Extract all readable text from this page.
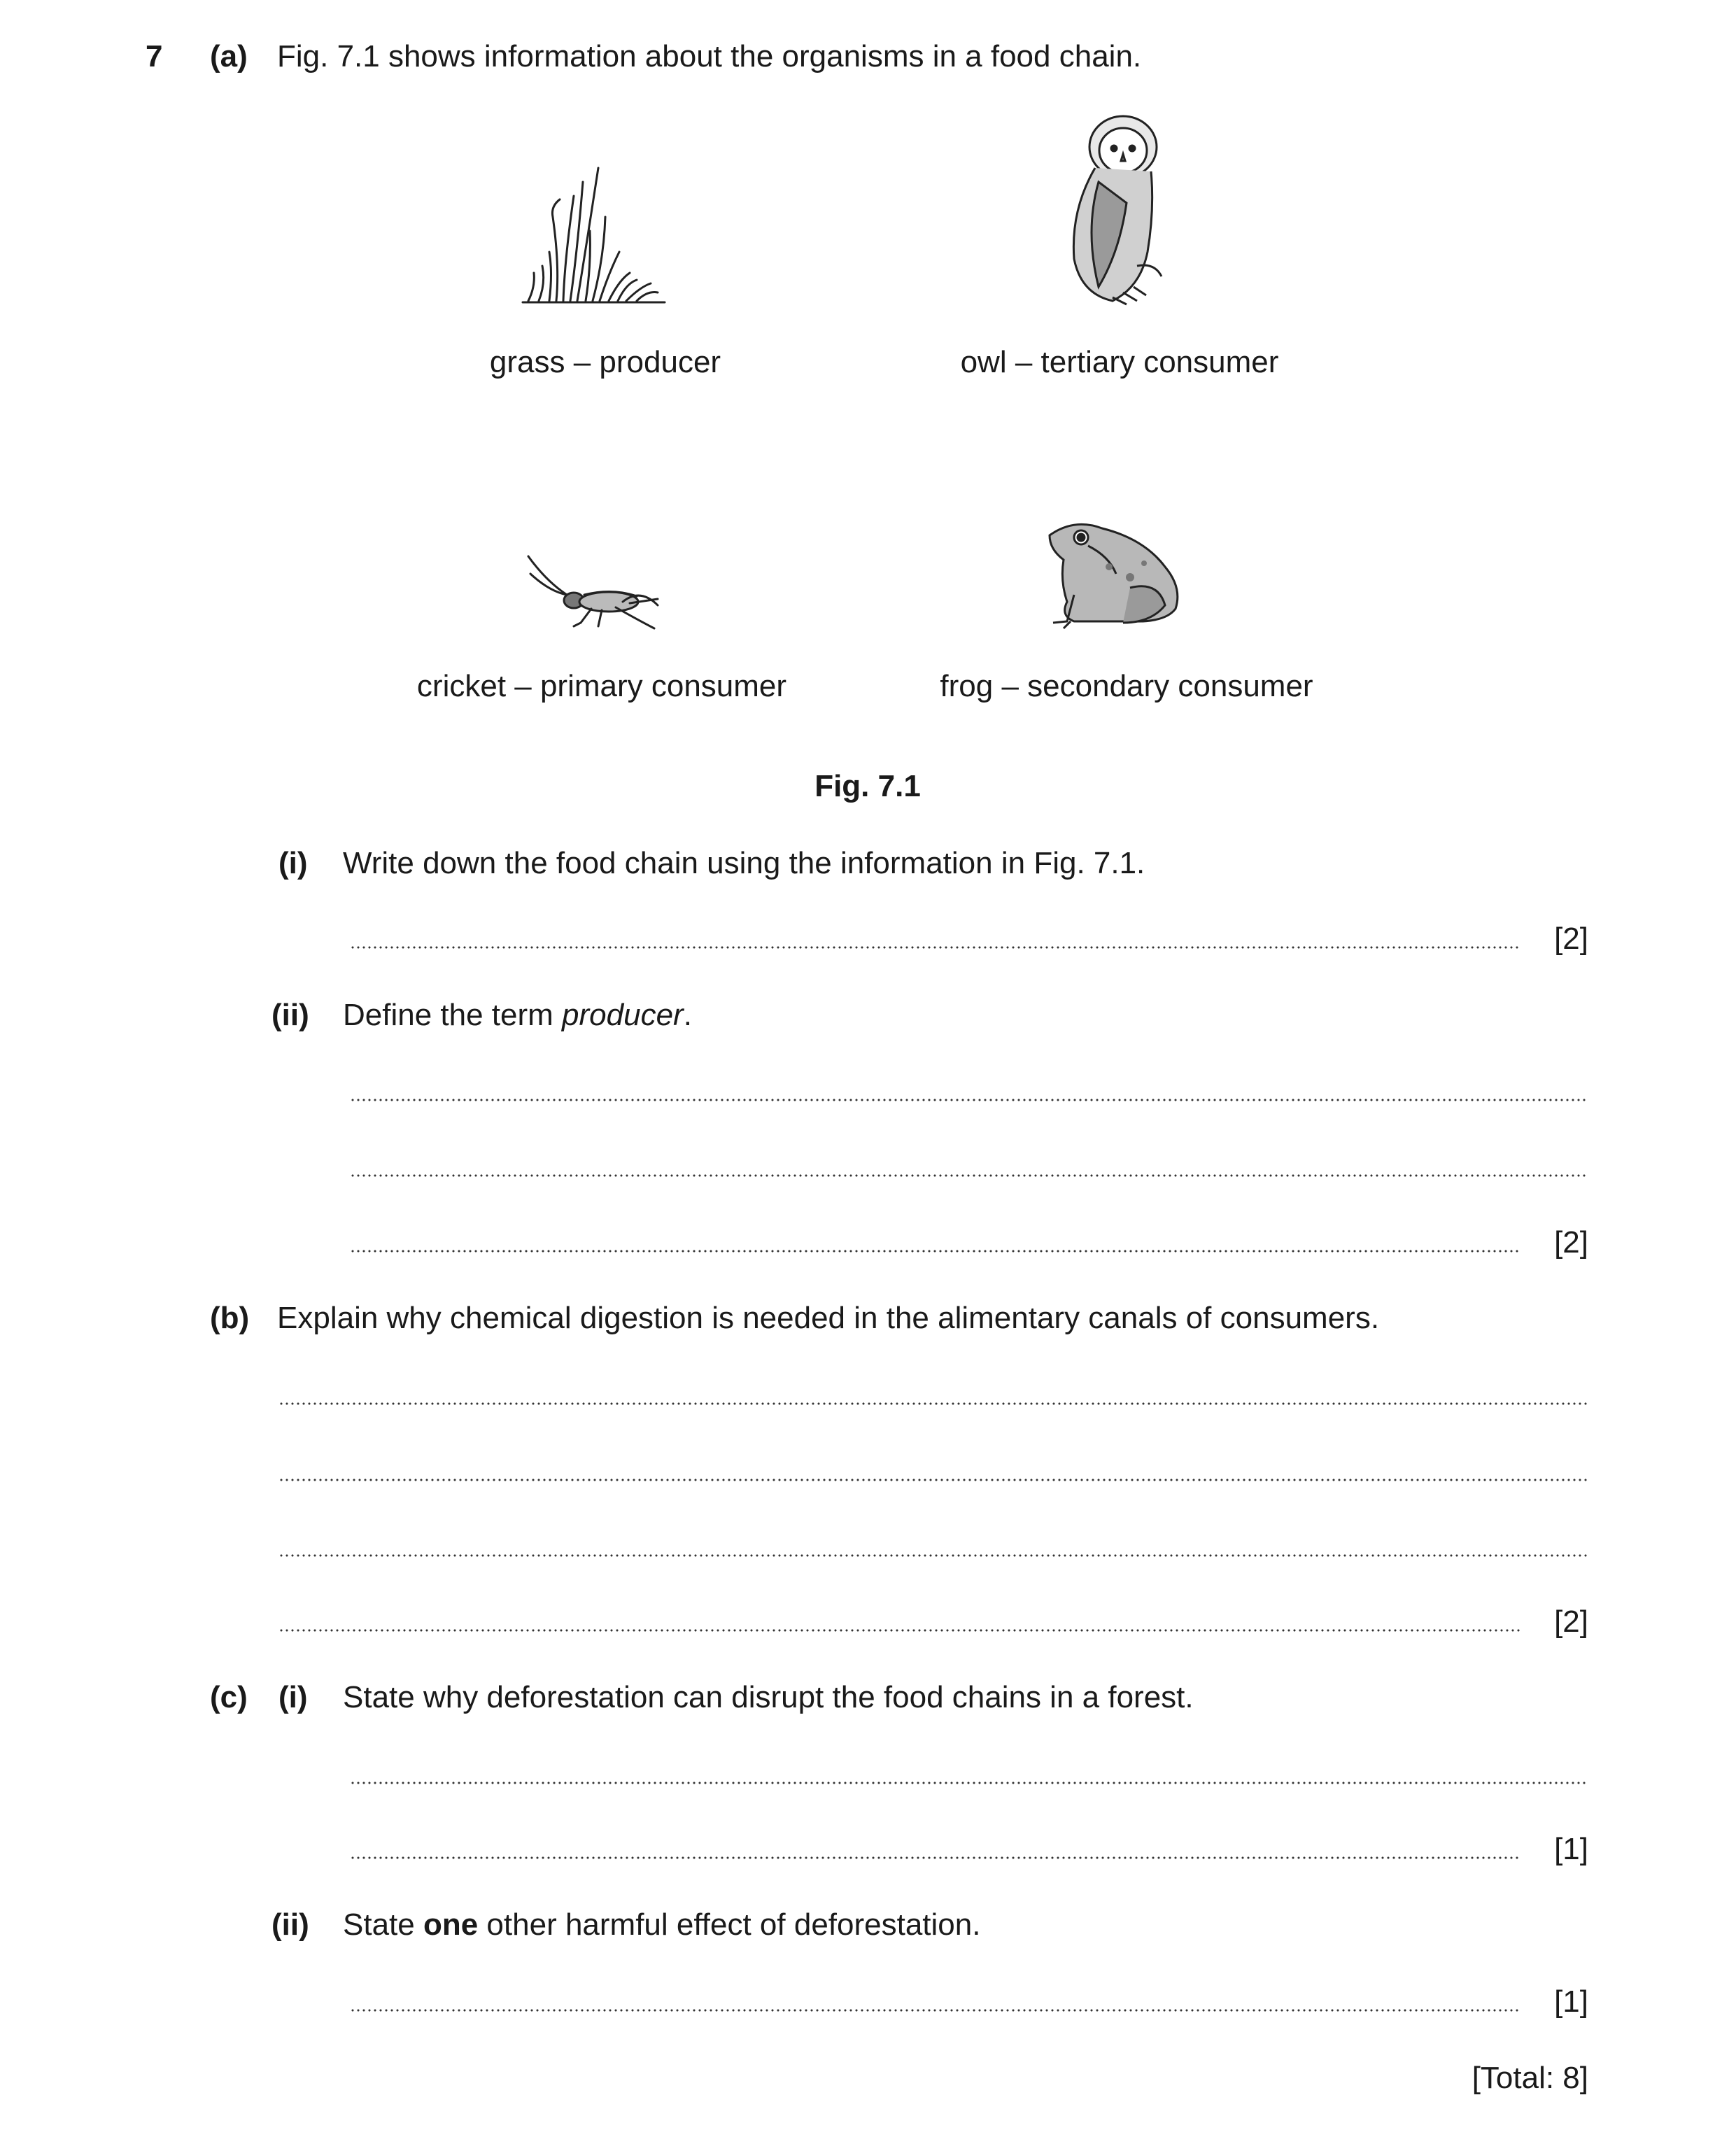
7 (a) Fig. 7.1 shows information about the organisms in a food chain.
grass – producer	owl – tertiary consumer
cricket – primary consumer	frog – secondary consumer
Fig. 7.1
(i) Write down the food chain using the information in Fig. 7.1.
[2]
(ii) Define the term producer.
[2]
(b) Explain why chemical digestion is needed in the alimentary canals of consumers.
[2]
(c) (i) State why deforestation can disrupt the food chains in a forest.
[1]
(ii) State one other harmful effect of deforestation.
[1]
[Total: 8]
